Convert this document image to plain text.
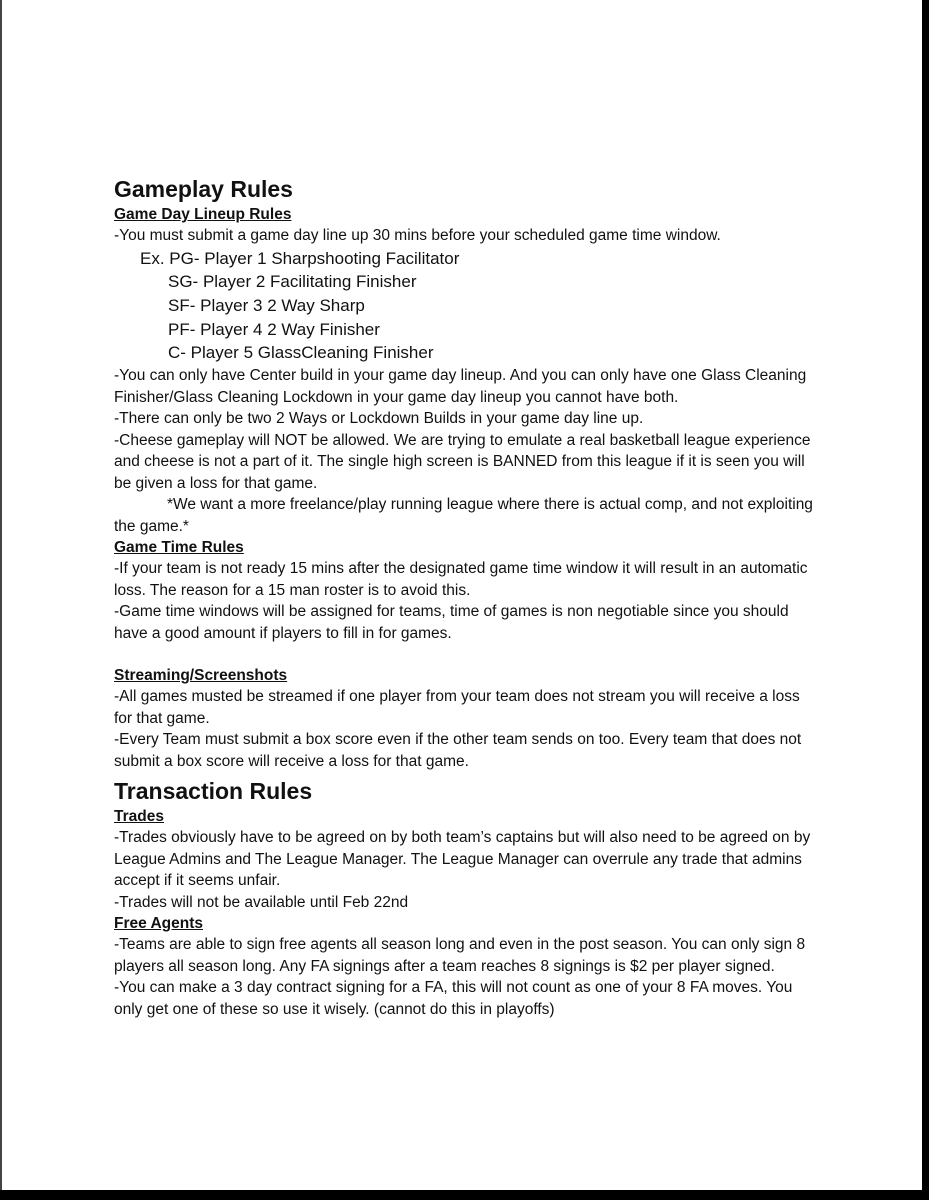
Gameplay Rules
Game Day Lineup Rules

-You must submit a game day line up 30 mins before your scheduled game time window.

Ex. PG- Player 1 Sharpshooting Facilitator
SG- Player 2 Facilitating Finisher
SF- Player 3 2 Way Sharp
PF- Player 4 2 Way Finisher
C- Player 5 GlassCleaning Finisher

-You can only have Center build in your game day lineup. And you can only have one Glass Cleaning Finisher/Glass Cleaning Lockdown in your game day lineup you cannot have both.

-There can only be two 2 Ways or Lockdown Builds in your game day line up.

-Cheese gameplay will NOT be allowed. We are trying to emulate a real basketball league experience and cheese is not a part of it. The single high screen is BANNED from this league if it is seen you will be given a loss for that game.

*We want a more freelance/play running league where there is actual comp, and not exploiting the game.*

Game Time Rules

-If your team is not ready 15 mins after the designated game time window it will result in an automatic loss. The reason for a 15 man roster is to avoid this.

-Game time windows will be assigned for teams, time of games is non negotiable since you should have a good amount if players to fill in for games.

Streaming/Screenshots

-All games musted be streamed if one player from your team does not stream you will receive a loss for that game.

-Every Team must submit a box score even if the other team sends on too. Every team that does not submit a box score will receive a loss for that game.

Transaction Rules
Trades

-Trades obviously have to be agreed on by both team’s captains but will also need to be agreed on by League Admins and The League Manager. The League Manager can overrule any trade that admins accept if it seems unfair.

-Trades will not be available until Feb 22nd

Free Agents

-Teams are able to sign free agents all season long and even in the post season. You can only sign 8 players all season long. Any FA signings after a team reaches 8 signings is $2 per player signed.

-You can make a 3 day contract signing for a FA, this will not count as one of your 8 FA moves. You only get one of these so use it wisely. (cannot do this in playoffs)
